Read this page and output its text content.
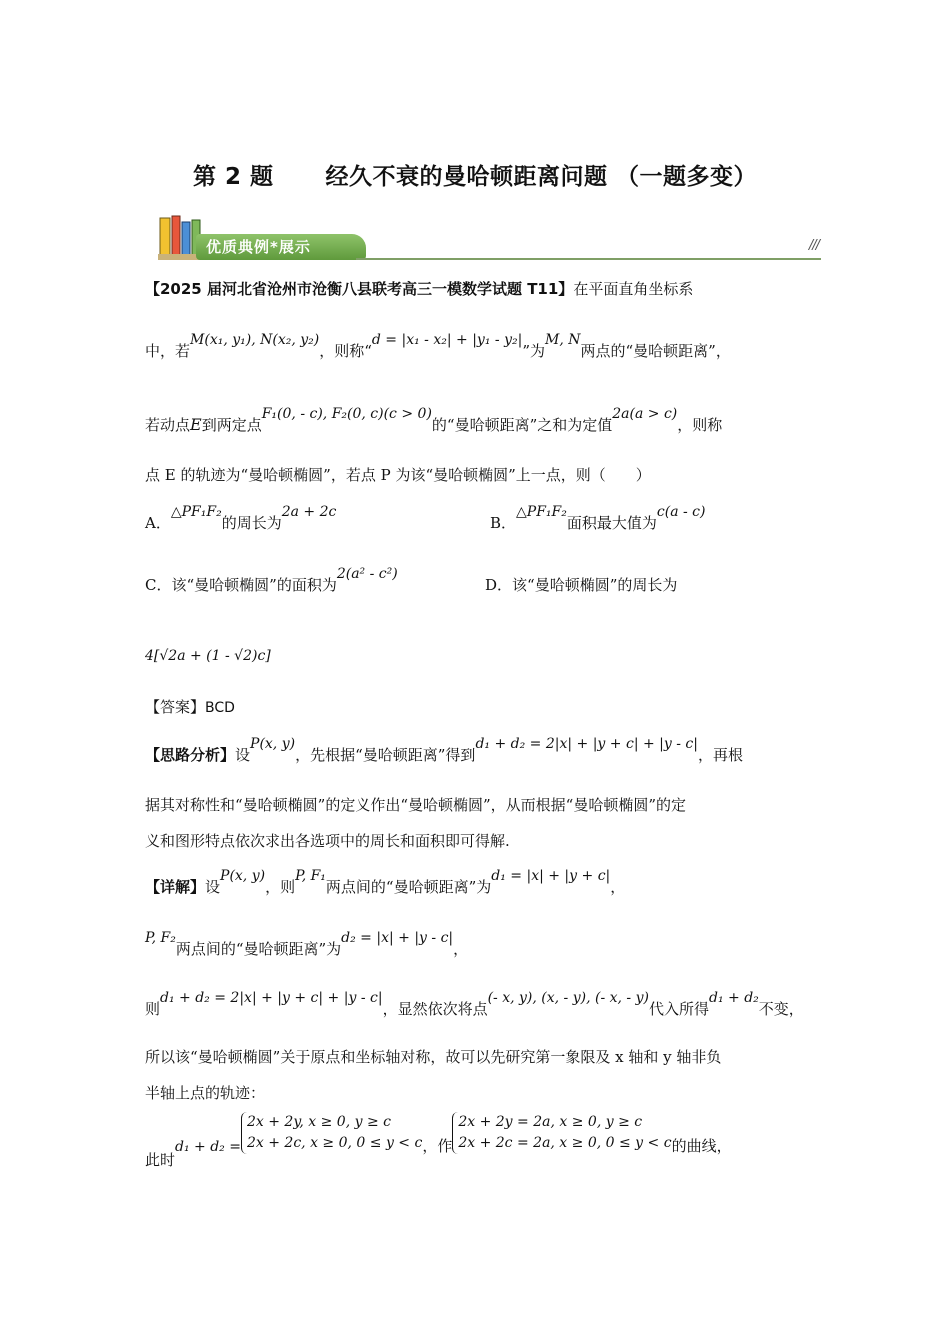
第 2 题 经久不衰的曼哈顿距离问题 （一题多变）
优质典例*展示	///
【2025 届河北省沧州市沧衡八县联考高三一模数学试题 T11】在平面直角坐标系
中，若M(x₁, y₁), N(x₂, y₂)，则称“d = |x₁ - x₂| + |y₁ - y₂|”为M, N两点的“曼哈顿距离”，
若动点E到两定点F₁(0, - c), F₂(0, c)(c > 0)的“曼哈顿距离”之和为定值2a(a > c)，则称
点 E 的轨迹为“曼哈顿椭圆”，若点 P 为该“曼哈顿椭圆”上一点，则（　　）
A．△PF₁F₂的周长为2a + 2c
B．△PF₁F₂面积最大值为c(a - c)
C．该“曼哈顿椭圆”的面积为2(a² - c²)
D．该“曼哈顿椭圆”的周长为
4[√2a + (1 - √2)c]
【答案】BCD
【思路分析】设P(x, y)，先根据“曼哈顿距离”得到d₁ + d₂ = 2|x| + |y + c| + |y - c|，再根
据其对称性和“曼哈顿椭圆”的定义作出“曼哈顿椭圆”，从而根据“曼哈顿椭圆”的定
义和图形特点依次求出各选项中的周长和面积即可得解.
【详解】设P(x, y)，则P, F₁两点间的“曼哈顿距离”为d₁ = |x| + |y + c|，
P, F₂两点间的“曼哈顿距离”为d₂ = |x| + |y - c|，
则d₁ + d₂ = 2|x| + |y + c| + |y - c|，显然依次将点(- x, y), (x, - y), (- x, - y)代入所得d₁ + d₂不变，
所以该“曼哈顿椭圆”关于原点和坐标轴对称，故可以先研究第一象限及 x 轴和 y 轴非负
半轴上点的轨迹：
此时d₁ + d₂ =2x + 2y, x ≥ 0, y ≥ c
2x + 2c, x ≥ 0, 0 ≤ y < c，作2x + 2y = 2a, x ≥ 0, y ≥ c
2x + 2c = 2a, x ≥ 0, 0 ≤ y < c的曲线，
